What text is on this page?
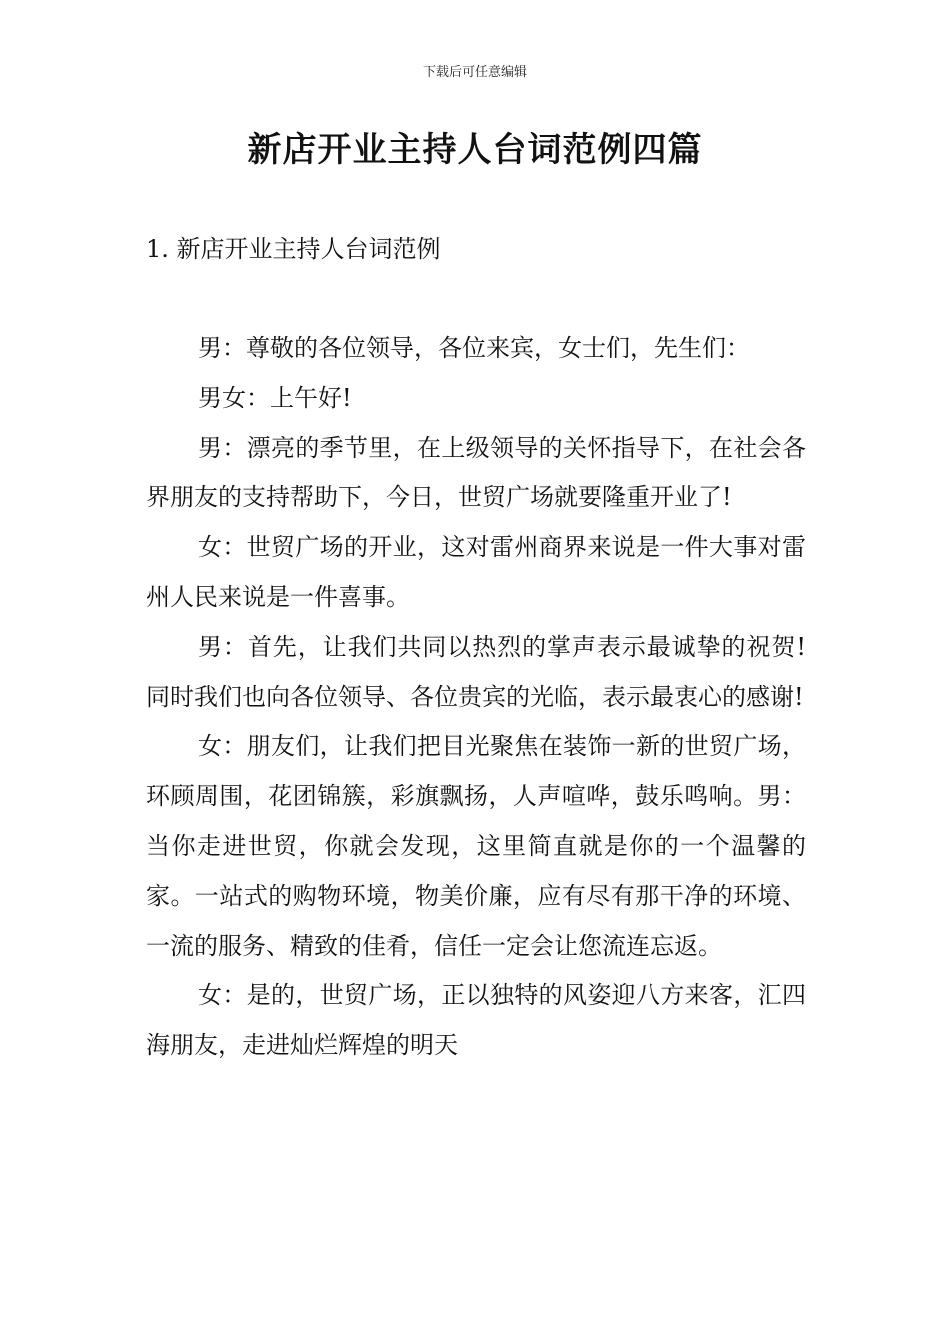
下载后可任意编辑
新店开业主持人台词范例四篇
1. 新店开业主持人台词范例

男：尊敬的各位领导，各位来宾，女士们，先生们：

男女：上午好!

男：漂亮的季节里，在上级领导的关怀指导下，在社会各界朋友的支持帮助下，今日，世贸广场就要隆重开业了!

女：世贸广场的开业，这对雷州商界来说是一件大事对雷州人民来说是一件喜事。

男：首先，让我们共同以热烈的掌声表示最诚挚的祝贺!同时我们也向各位领导、各位贵宾的光临，表示最衷心的感谢!

女：朋友们，让我们把目光聚焦在装饰一新的世贸广场，环顾周围，花团锦簇，彩旗飘扬，人声喧哗，鼓乐鸣响。男：当你走进世贸，你就会发现，这里简直就是你的一个温馨的家。一站式的购物环境，物美价廉，应有尽有那干净的环境、一流的服务、精致的佳肴，信任一定会让您流连忘返。

女：是的，世贸广场，正以独特的风姿迎八方来客，汇四海朋友，走进灿烂辉煌的明天
